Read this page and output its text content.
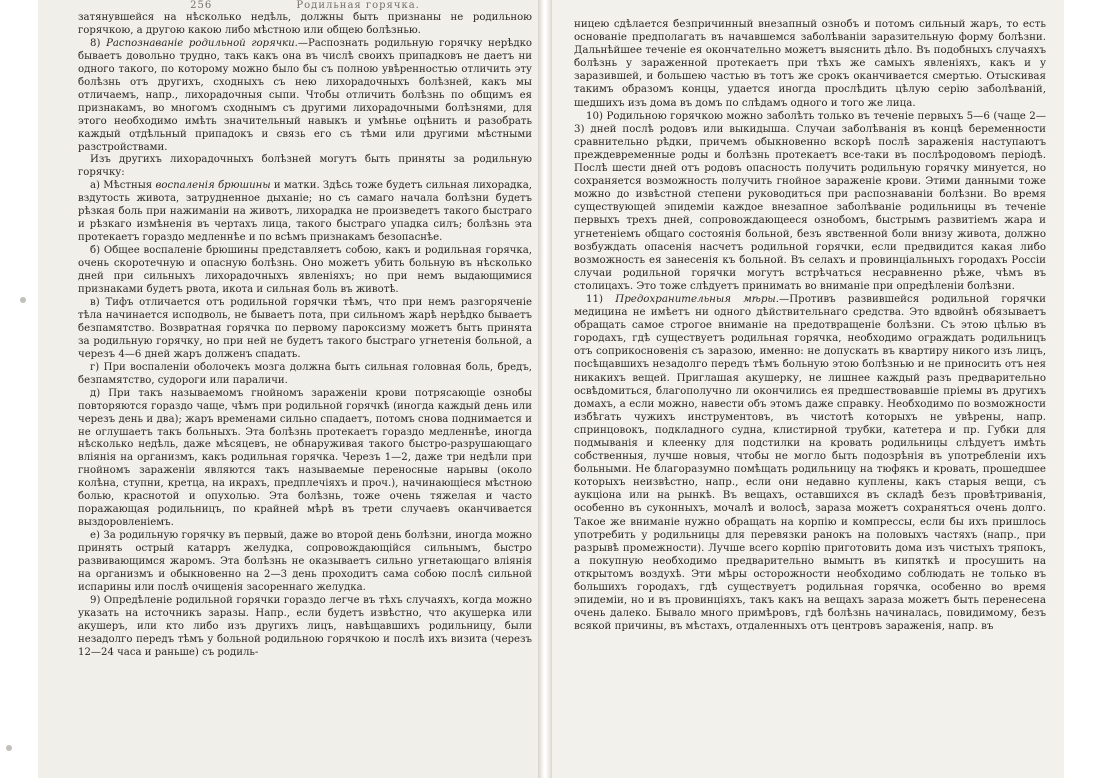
256	Родильная горячка.

затянувшейся на нѣсколько недѣль, должны быть признаны не родильною горячкою, а другою какою либо мѣстною или общею болѣзнью.

8) Распознаваніе родильной горячки.—Распознать родильную горячку нерѣдко бываетъ довольно трудно, такъ какъ она въ числѣ своихъ припадковъ не даетъ ни одного такого, по которому можно было бы съ полною увѣренностью отличить эту болѣзнь отъ другихъ, сходныхъ съ нею лихорадочныхъ болѣзней, какъ мы отличаемъ, напр., лихорадочныя сыпи. Чтобы отличить болѣзнь по общимъ ея признакамъ, во многомъ сходнымъ съ другими лихорадочными болѣзнями, для этого необходимо имѣть значительный навыкъ и умѣнье оцѣнить и разобрать каждый отдѣльный припадокъ и связь его съ тѣми или другими мѣстными разстройствами.

Изъ другихъ лихорадочныхъ болѣзней могутъ быть приняты за родильную горячку:

а) Мѣстныя воспаленія брюшины и матки. Здѣсь тоже будетъ сильная лихорадка, вздутость живота, затрудненное дыханіе; но съ самаго начала болѣзни будетъ рѣзкая боль при нажиманіи на животъ, лихорадка не произведетъ такого быстраго и рѣзкаго измѣненія въ чертахъ лица, такого быстраго упадка силъ; болѣзнь эта протекаетъ гораздо медленнѣе и по всѣмъ признакамъ безопаснѣе.

б) Общее воспаленіе брюшины представляетъ собою, какъ и родильная горячка, очень скоротечную и опасную болѣзнь. Оно можетъ убить больную въ нѣсколько дней при сильныхъ лихорадочныхъ явленіяхъ; но при немъ выдающимися признаками будетъ рвота, икота и сильная боль въ животѣ.

в) Тифъ отличается отъ родильной горячки тѣмъ, что при немъ разгоряченіе тѣла начинается исподволь, не бываетъ пота, при сильномъ жарѣ нерѣдко бываетъ безпамятство. Возвратная горячка по первому пароксизму можетъ быть принята за родильную горячку, но при ней не будетъ такого быстраго угнетенія больной, а черезъ 4—6 дней жаръ долженъ спадать.

г) При воспаленіи оболочекъ мозга должна быть сильная головная боль, бредъ, безпамятство, судороги или параличи.

д) При такъ называемомъ гнойномъ зараженіи крови потрясающіе ознобы повторяются гораздо чаще, чѣмъ при родильной горячкѣ (иногда каждый день или черезъ день и два); жаръ временами сильно спадаетъ, потомъ снова поднимается и не оглушаетъ такъ больныхъ. Эта болѣзнь протекаетъ гораздо медленнѣе, иногда нѣсколько недѣль, даже мѣсяцевъ, не обнаруживая такого быстро-разрушающаго вліянія на организмъ, какъ родильная горячка. Черезъ 1—2, даже три недѣли при гнойномъ зараженіи являются такъ называемые переносные нарывы (около колѣна, ступни, кретца, на икрахъ, предплечіяхъ и проч.), начинающіеся мѣстною болью, краснотой и опухолью. Эта болѣзнь, тоже очень тяжелая и часто поражающая родильницъ, по крайней мѣрѣ въ трети случаевъ оканчивается выздоровленіемъ.

е) За родильную горячку въ первый, даже во второй день болѣзни, иногда можно принять острый катарръ желудка, сопровождающійся сильнымъ, быстро развивающимся жаромъ. Эта болѣзнь не оказываетъ сильно угнетающаго вліянія на организмъ и обыкновенно на 2—3 день проходитъ сама собою послѣ сильной испарины или послѣ очищенія засореннаго желудка.

9) Опредѣленіе родильной горячки гораздо легче въ тѣхъ случаяхъ, когда можно указать на источникъ заразы. Напр., если будетъ извѣстно, что акушерка или акушеръ, или кто либо изъ другихъ лицъ, навѣщавшихъ родильницу, были незадолго передъ тѣмъ у больной родильною горячкою и послѣ ихъ визита (черезъ 12—24 часа и раньше) съ родиль-

ницею сдѣлается безпричинный внезапный ознобъ и потомъ сильный жаръ, то есть основаніе предполагать въ начавшемся заболѣваніи заразительную форму болѣзни. Дальнѣйшее теченіе ея окончательно можетъ выяснить дѣло. Въ подобныхъ случаяхъ болѣзнь у зараженной протекаетъ при тѣхъ же самыхъ явленіяхъ, какъ и у заразившей, и большею частью въ тотъ же срокъ оканчивается смертью. Отыскивая такимъ образомъ концы, удается иногда прослѣдить цѣлую серію заболѣваній, шедшихъ изъ дома въ домъ по слѣдамъ одного и того же лица.

10) Родильною горячкою можно заболѣть только въ теченіе первыхъ 5—6 (чаще 2—3) дней послѣ родовъ или выкидыша. Случаи заболѣванія въ концѣ беременности сравнительно рѣдки, причемъ обыкновенно вскорѣ послѣ зараженія наступаютъ преждевременные роды и болѣзнь протекаетъ все-таки въ послѣродовомъ періодѣ. Послѣ шести дней отъ родовъ опасность получить родильную горячку минуется, но сохраняется возможность получить гнойное зараженіе крови. Этими данными тоже можно до извѣстной степени руководиться при распознаваніи болѣзни. Во время существующей эпидеміи каждое внезапное заболѣваніе родильницы въ теченіе первыхъ трехъ дней, сопровождающееся ознобомъ, быстрымъ развитіемъ жара и угнетеніемъ общаго состоянія больной, безъ явственной боли внизу живота, должно возбуждать опасенія насчетъ родильной горячки, если предвидится какая либо возможность ея занесенія къ больной. Въ селахъ и провинціальныхъ городахъ Россіи случаи родильной горячки могутъ встрѣчаться несравненно рѣже, чѣмъ въ столицахъ. Это тоже слѣдуетъ принимать во вниманіе при опредѣленіи болѣзни.

11) Предохранительныя мѣры.—Противъ развившейся родильной горячки медицина не имѣетъ ни одного дѣйствительнаго средства. Это вдвойнѣ обязываетъ обращать самое строгое вниманіе на предотвращеніе болѣзни. Съ этою цѣлью въ городахъ, гдѣ существуетъ родильная горячка, необходимо ограждать родильницъ отъ соприкосновенія съ заразою, именно: не допускать въ квартиру никого изъ лицъ, посѣщавшихъ незадолго передъ тѣмъ больную этою болѣзнью и не приносить отъ нея никакихъ вещей. Приглашая акушерку, не лишнее каждый разъ предварительно освѣдомиться, благополучно ли окончились ея предшествовавшіе пріемы въ другихъ домахъ, а если можно, навести объ этомъ даже справку. Необходимо по возможности избѣгать чужихъ инструментовъ, въ чистотѣ которыхъ не увѣрены, напр. спринцовокъ, подкладного судна, клистирной трубки, катетера и пр. Губки для подмыванія и клеенку для подстилки на кровать родильницы слѣдуетъ имѣть собственныя, лучше новыя, чтобы не могло быть подозрѣнія въ употребленіи ихъ больными. Не благоразумно помѣщать родильницу на тюфякъ и кровать, прошедшее которыхъ неизвѣстно, напр., если они недавно куплены, какъ старыя вещи, съ аукціона или на рынкѣ. Въ вещахъ, оставшихся въ складѣ безъ провѣтриванія, особенно въ суконныхъ, мочалѣ и волосѣ, зараза можетъ сохраняться очень долго. Такое же вниманіе нужно обращать на корпію и компрессы, если бы ихъ пришлось употребить у родильницы для перевязки ранокъ на половыхъ частяхъ (напр., при разрывѣ промежности). Лучше всего корпію приготовить дома изъ чистыхъ тряпокъ, а покупную необходимо предварительно вымыть въ кипяткѣ и просушить на открытомъ воздухѣ. Эти мѣры осторожности необходимо соблюдать не только въ большихъ городахъ, гдѣ существуетъ родильная горячка, особенно во время эпидеміи, но и въ провинціяхъ, такъ какъ на вещахъ зараза можетъ быть перенесена очень далеко. Бывало много примѣровъ, гдѣ болѣзнь начиналась, повидимому, безъ всякой причины, въ мѣстахъ, отдаленныхъ отъ центровъ зараженія, напр. въ
